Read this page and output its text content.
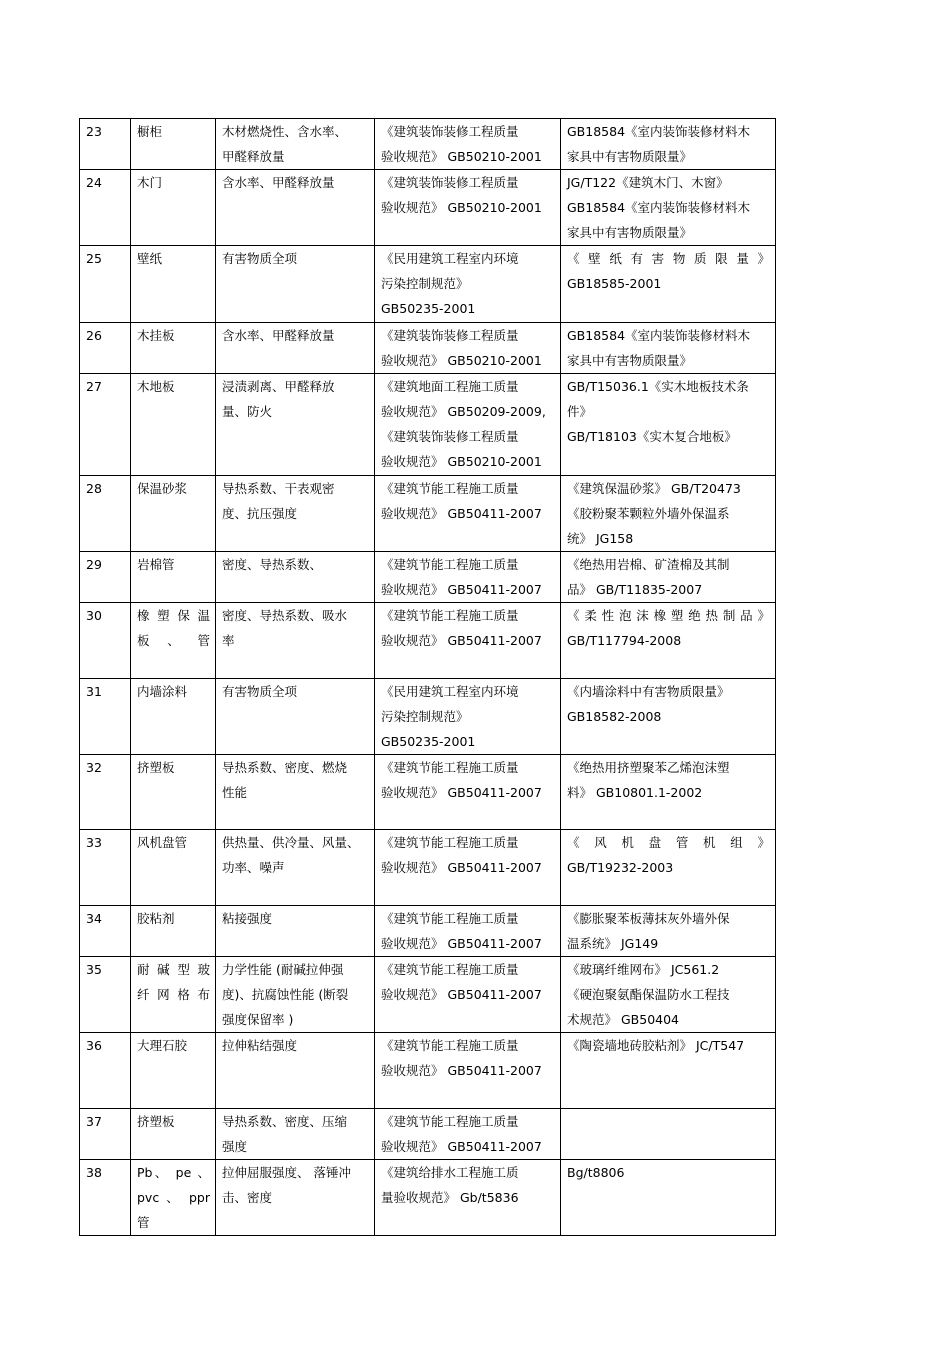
23	橱柜	木材燃烧性、含水率、
甲醛释放量	《建筑装饰装修工程质量
验收规范》 GB50210-2001	GB18584《室内装饰装修材料木
家具中有害物质限量》

24	木门	含水率、甲醛释放量	《建筑装饰装修工程质量
验收规范》 GB50210-2001	JG/T122《建筑木门、木窗》
GB18584《室内装饰装修材料木
家具中有害物质限量》

25	壁纸	有害物质全项	《民用建筑工程室内环境
污染控制规范》
GB50235-2001	《壁纸有害物质限量》
GB18585-2001

26	木挂板	含水率、甲醛释放量	《建筑装饰装修工程质量
验收规范》 GB50210-2001	GB18584《室内装饰装修材料木
家具中有害物质限量》

27	木地板	浸渍剥离、甲醛释放
量、防火	《建筑地面工程施工质量
验收规范》 GB50209-2009,
《建筑装饰装修工程质量
验收规范》 GB50210-2001	GB/T15036.1《实木地板技术条
件》
GB/T18103《实木复合地板》

28	保温砂浆	导热系数、干表观密
度、抗压强度	《建筑节能工程施工质量
验收规范》 GB50411-2007	《建筑保温砂浆》 GB/T20473
《胶粉聚苯颗粒外墙外保温系
统》 JG158

29	岩棉管	密度、导热系数、	《建筑节能工程施工质量
验收规范》 GB50411-2007	《绝热用岩棉、矿渣棉及其制
品》 GB/T11835-2007

30	橡塑保温
板、管	密度、导热系数、吸水
率	《建筑节能工程施工质量
验收规范》 GB50411-2007	《柔性泡沫橡塑绝热制品》
GB/T117794-2008

31	内墙涂料	有害物质全项	《民用建筑工程室内环境
污染控制规范》
GB50235-2001	《内墙涂料中有害物质限量》
GB18582-2008

32	挤塑板	导热系数、密度、燃烧
性能	《建筑节能工程施工质量
验收规范》 GB50411-2007	《绝热用挤塑聚苯乙烯泡沫塑
料》 GB10801.1-2002

33	风机盘管	供热量、供冷量、风量、
功率、噪声	《建筑节能工程施工质量
验收规范》 GB50411-2007	《风机盘管机组》
GB/T19232-2003

34	胶粘剂	粘接强度	《建筑节能工程施工质量
验收规范》 GB50411-2007	《膨胀聚苯板薄抹灰外墙外保
温系统》 JG149

35	耐碱型玻
纤网格布	力学性能 (耐碱拉伸强
度)、抗腐蚀性能 (断裂
强度保留率 )	《建筑节能工程施工质量
验收规范》 GB50411-2007	《玻璃纤维网布》 JC561.2
《硬泡聚氨酯保温防水工程技
术规范》 GB50404

36	大理石胶	拉伸粘结强度	《建筑节能工程施工质量
验收规范》 GB50411-2007	《陶瓷墙地砖胶粘剂》 JC/T547

37	挤塑板	导热系数、密度、压缩
强度	《建筑节能工程施工质量
验收规范》 GB50411-2007	

38	Pb、 pe 、
pvc 、 ppr
管	拉伸屈服强度、 落锤冲
击、密度	《建筑给排水工程施工质
量验收规范》 Gb/t5836	Bg/t8806
